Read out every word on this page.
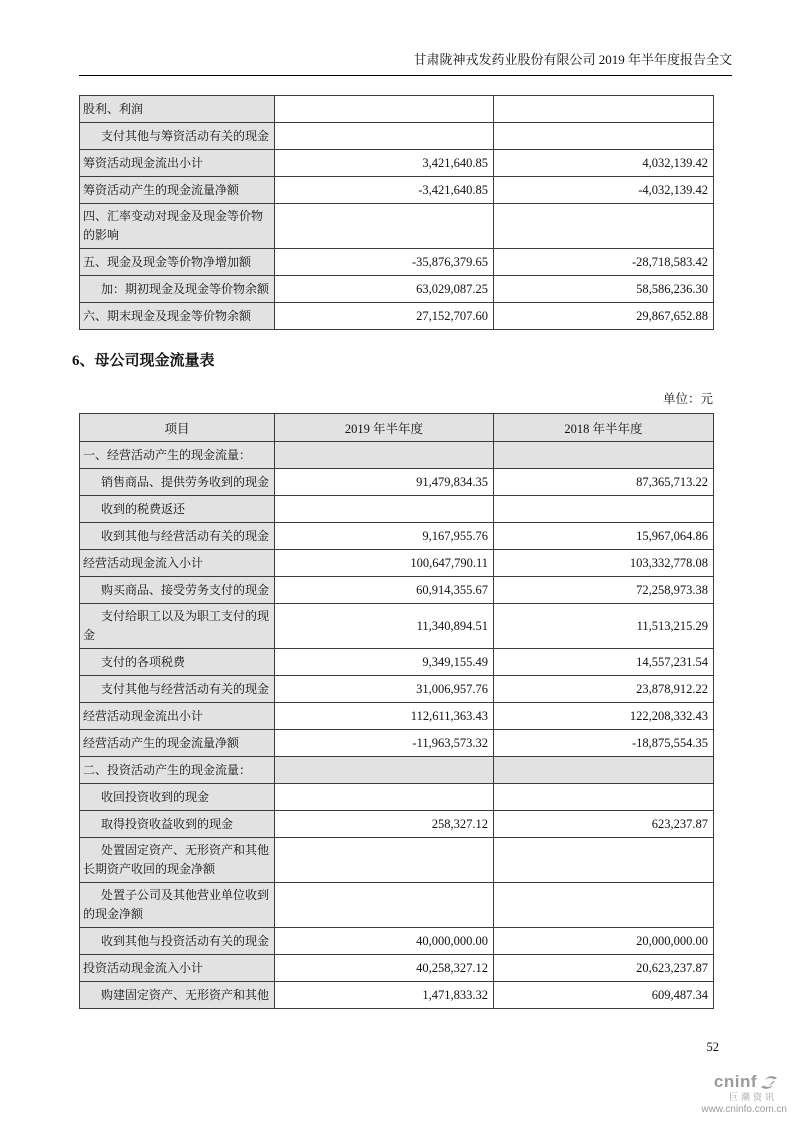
甘肃陇神戎发药业股份有限公司 2019 年半年度报告全文
股利、利润		
支付其他与筹资活动有关的现金		
筹资活动现金流出小计	3,421,640.85	4,032,139.42
筹资活动产生的现金流量净额	-3,421,640.85	-4,032,139.42
四、汇率变动对现金及现金等价物的影响		
五、现金及现金等价物净增加额	-35,876,379.65	-28,718,583.42
加：期初现金及现金等价物余额	63,029,087.25	58,586,236.30
六、期末现金及现金等价物余额	27,152,707.60	29,867,652.88
6、母公司现金流量表
单位：元
项目	2019 年半年度	2018 年半年度
一、经营活动产生的现金流量：		
销售商品、提供劳务收到的现金	91,479,834.35	87,365,713.22
收到的税费返还		
收到其他与经营活动有关的现金	9,167,955.76	15,967,064.86
经营活动现金流入小计	100,647,790.11	103,332,778.08
购买商品、接受劳务支付的现金	60,914,355.67	72,258,973.38
支付给职工以及为职工支付的现金	11,340,894.51	11,513,215.29
支付的各项税费	9,349,155.49	14,557,231.54
支付其他与经营活动有关的现金	31,006,957.76	23,878,912.22
经营活动现金流出小计	112,611,363.43	122,208,332.43
经营活动产生的现金流量净额	-11,963,573.32	-18,875,554.35
二、投资活动产生的现金流量：		
收回投资收到的现金		
取得投资收益收到的现金	258,327.12	623,237.87
处置固定资产、无形资产和其他长期资产收回的现金净额		
处置子公司及其他营业单位收到的现金净额		
收到其他与投资活动有关的现金	40,000,000.00	20,000,000.00
投资活动现金流入小计	40,258,327.12	20,623,237.87
购建固定资产、无形资产和其他	1,471,833.32	609,487.34
52
cninf
巨潮资讯
www.cninfo.com.cn
